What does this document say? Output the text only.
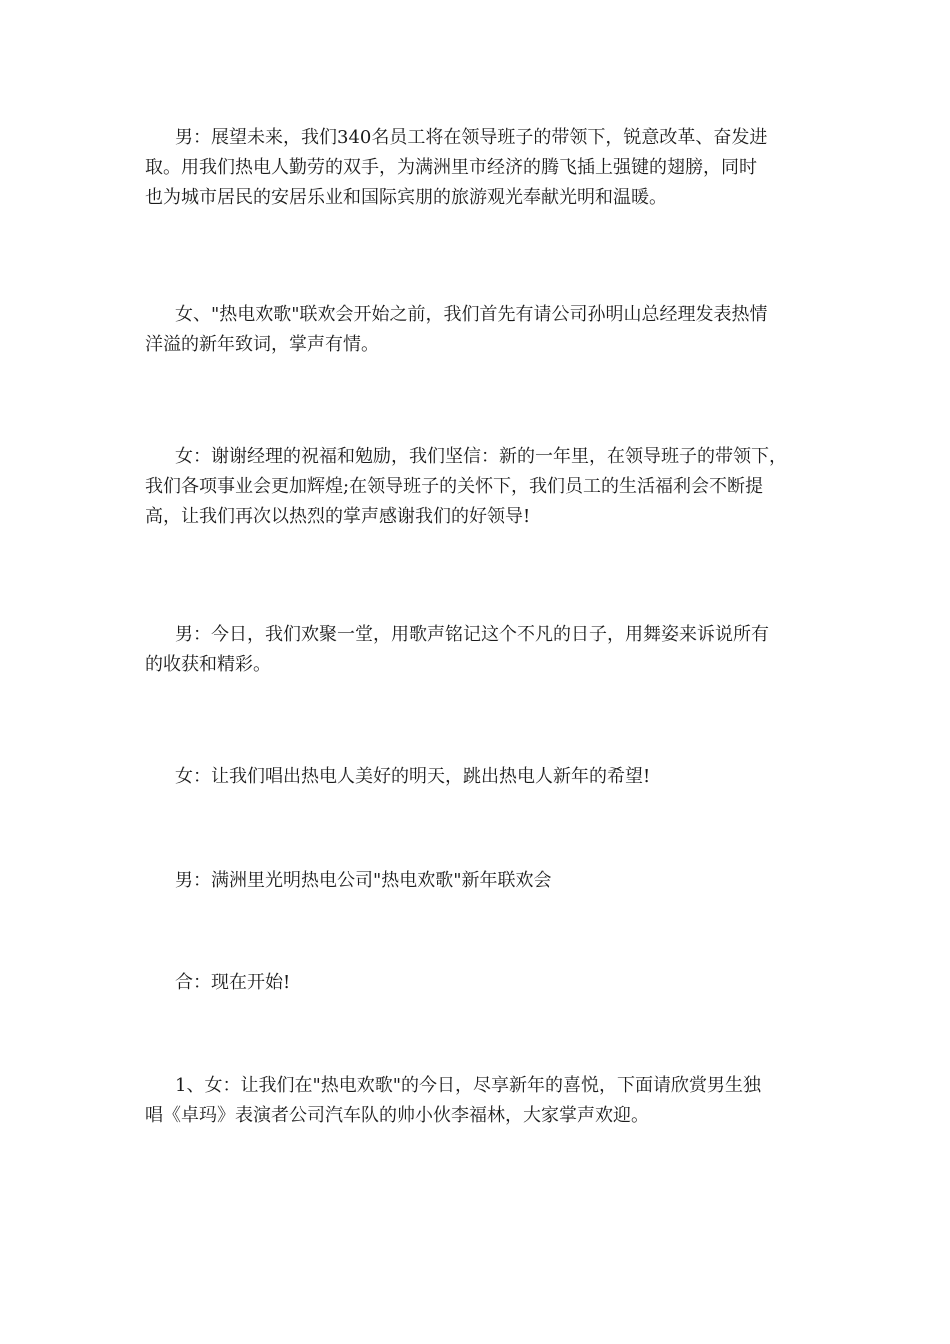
男：展望未来，我们340名员工将在领导班子的带领下，锐意改革、奋发进
取。用我们热电人勤劳的双手，为满洲里市经济的腾飞插上强键的翅膀，同时
也为城市居民的安居乐业和国际宾朋的旅游观光奉献光明和温暖。

女、"热电欢歌"联欢会开始之前，我们首先有请公司孙明山总经理发表热情
洋溢的新年致词，掌声有情。

女：谢谢经理的祝福和勉励，我们坚信：新的一年里，在领导班子的带领下，
我们各项事业会更加辉煌;在领导班子的关怀下，我们员工的生活福利会不断提
高，让我们再次以热烈的掌声感谢我们的好领导!

男：今日，我们欢聚一堂，用歌声铭记这个不凡的日子，用舞姿来诉说所有
的收获和精彩。

女：让我们唱出热电人美好的明天，跳出热电人新年的希望!

男：满洲里光明热电公司"热电欢歌"新年联欢会

合：现在开始!

1、女：让我们在"热电欢歌"的今日，尽享新年的喜悦，下面请欣赏男生独
唱《卓玛》表演者公司汽车队的帅小伙李福林，大家掌声欢迎。
